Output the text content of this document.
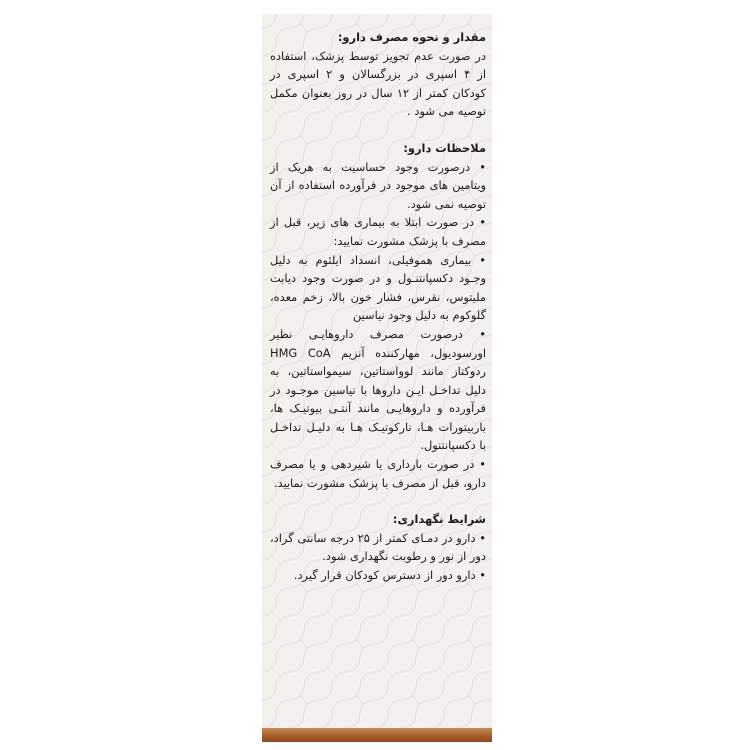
مقدار و نحوه مصرف دارو:

در صورت عدم تجویز توسط پزشک، استفاده از ۴ اسپری در بزرگسالان و ۲ اسپری در کودکان کمتر از ۱۲ سال در روز بعنوان مکمل توصیه می شود .

ملاحظات دارو:

• درصورت وجود حساسیت به هریک از ویتامین های موجود در فرآورده استفاده از آن توصیه نمی شود.

• در صورت ابتلا به بیماری های زیر، قبل از مصرف با پزشک مشورت نمایید:

• بیماری هموفیلی، انسداد ایلئوم به دلیل وجـود دکسپانتنـول و در صورت وجود دیابت ملیتوس، نقرس، فشار خون بالا، زخم معده، گلوکوم به دلیل وجود نیاسین

• درصورت مصرف داروهایـی نظیر اورسودیول، مهارکننده آنزیم HMG CoA ردوکتاز مانند لوواستاتین، سیمواستاتین، به دلیل تداخـل ایـن داروها با نیاسین موجـود در فرآورده و داروهایـی مانند آنتـی بیوتیـک ها، باربیتورات هـا، نارکوتیـک هـا به دلیـل تداخـل با دکسپانتنول.

• در صورت بارداری یا شیردهی و یا مصرف دارو، قبل از مصرف با پزشک مشورت نمایید.

شرایط نگهداری:

• دارو در دمـای کمتر از ۲۵ درجه سانتی گراد، دور از نور و رطوبت نگهداری شود.

• دارو دور از دسترس کودکان قرار گیرد.
